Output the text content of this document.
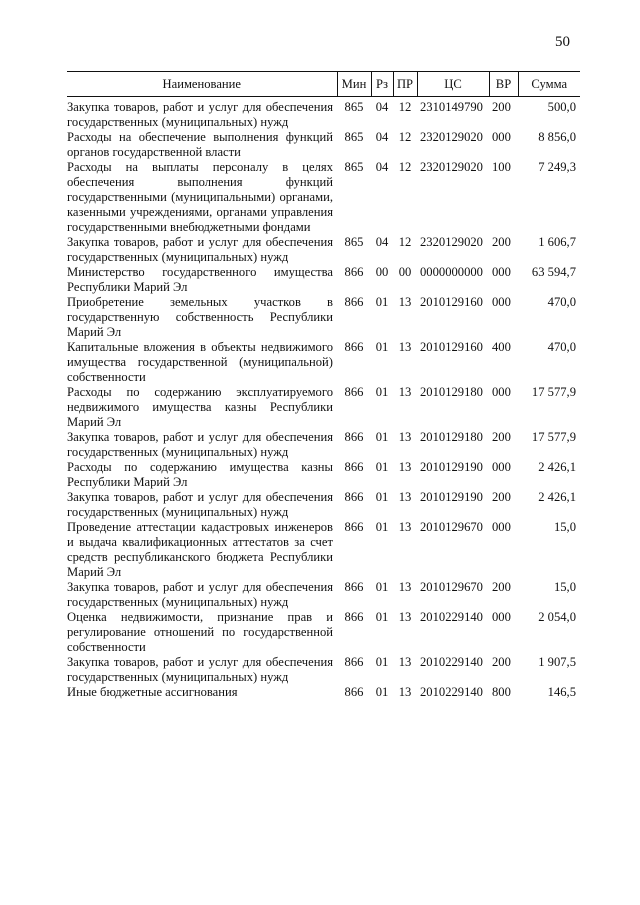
50
Наименование	Мин	Рз	ПР	ЦС	ВР	Сумма
Закупка товаров, работ и услуг для обеспечения государственных (муниципальных) нужд	865	04	12	2310149790	200	500,0
Расходы на обеспечение выполнения функций органов государственной власти	865	04	12	2320129020	000	8 856,0
Расходы на выплаты персоналу в целях обеспечения выполнения функций государственными (муниципальными) органами, казенными учреждениями, органами управления государственными внебюджетными фондами	865	04	12	2320129020	100	7 249,3
Закупка товаров, работ и услуг для обеспечения государственных (муниципальных) нужд	865	04	12	2320129020	200	1 606,7
Министерство государственного имущества Республики Марий Эл	866	00	00	0000000000	000	63 594,7
Приобретение земельных участков в государственную собственность Республики Марий Эл	866	01	13	2010129160	000	470,0
Капитальные вложения в объекты недвижимого имущества государственной (муниципальной) собственности	866	01	13	2010129160	400	470,0
Расходы по содержанию эксплуатируемого недвижимого имущества казны Республики Марий Эл	866	01	13	2010129180	000	17 577,9
Закупка товаров, работ и услуг для обеспечения государственных (муниципальных) нужд	866	01	13	2010129180	200	17 577,9
Расходы по содержанию имущества казны Республики Марий Эл	866	01	13	2010129190	000	2 426,1
Закупка товаров, работ и услуг для обеспечения государственных (муниципальных) нужд	866	01	13	2010129190	200	2 426,1
Проведение аттестации кадастровых инженеров и выдача квалификационных аттестатов за счет средств республиканского бюджета Республики Марий Эл	866	01	13	2010129670	000	15,0
Закупка товаров, работ и услуг для обеспечения государственных (муниципальных) нужд	866	01	13	2010129670	200	15,0
Оценка недвижимости, признание прав и регулирование отношений по государственной собственности	866	01	13	2010229140	000	2 054,0
Закупка товаров, работ и услуг для обеспечения государственных (муниципальных) нужд	866	01	13	2010229140	200	1 907,5
Иные бюджетные ассигнования	866	01	13	2010229140	800	146,5
